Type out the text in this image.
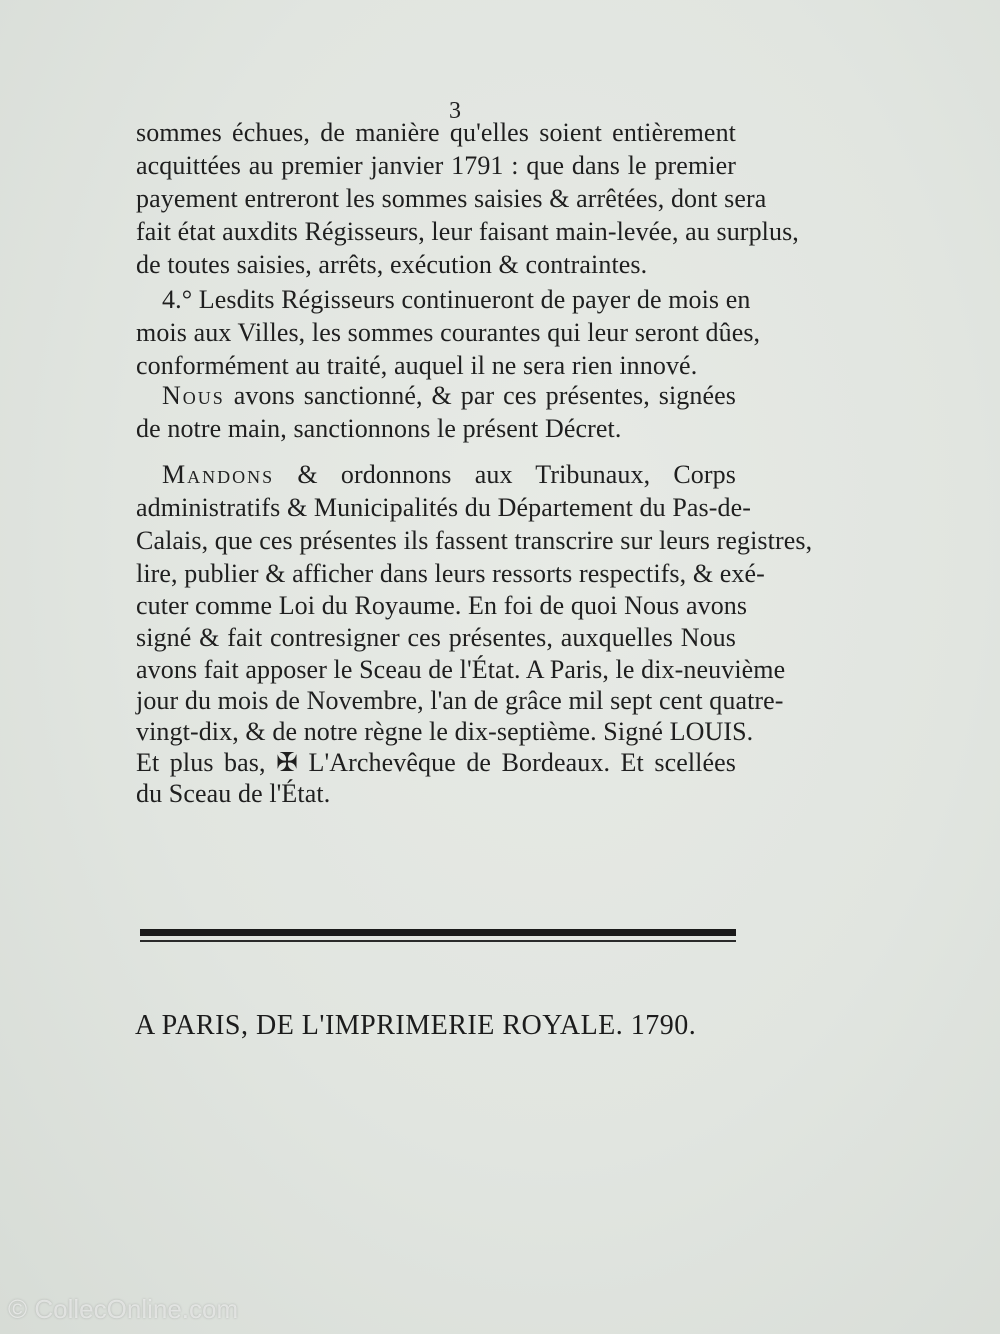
3
sommes échues, de manière qu'elles soient entièrement
acquittées au premier janvier 1791 : que dans le premier
payement entreront les sommes saisies & arrêtées, dont sera
fait état auxdits Régisseurs, leur faisant main-levée, au surplus,
de toutes saisies, arrêts, exécution & contraintes.
4.° Lesdits Régisseurs continueront de payer de mois en
mois aux Villes, les sommes courantes qui leur seront dûes,
conformément au traité, auquel il ne sera rien innové.
Nous avons sanctionné, & par ces présentes, signées
de notre main, sanctionnons le présent Décret.
Mandons & ordonnons aux Tribunaux, Corps
administratifs & Municipalités du Département du Pas-de-
Calais, que ces présentes ils fassent transcrire sur leurs registres,
lire, publier & afficher dans leurs ressorts respectifs, & exé-
cuter comme Loi du Royaume. En foi de quoi Nous avons
signé & fait contresigner ces présentes, auxquelles Nous
avons fait apposer le Sceau de l'État. A Paris, le dix-neuvième
jour du mois de Novembre, l'an de grâce mil sept cent quatre-
vingt-dix, & de notre règne le dix-septième. Signé LOUIS.
Et plus bas, ✠ L'Archevêque de Bordeaux. Et scellées
du Sceau de l'État.
A PARIS, DE L'IMPRIMERIE ROYALE. 1790.
© CollecOnline.com
